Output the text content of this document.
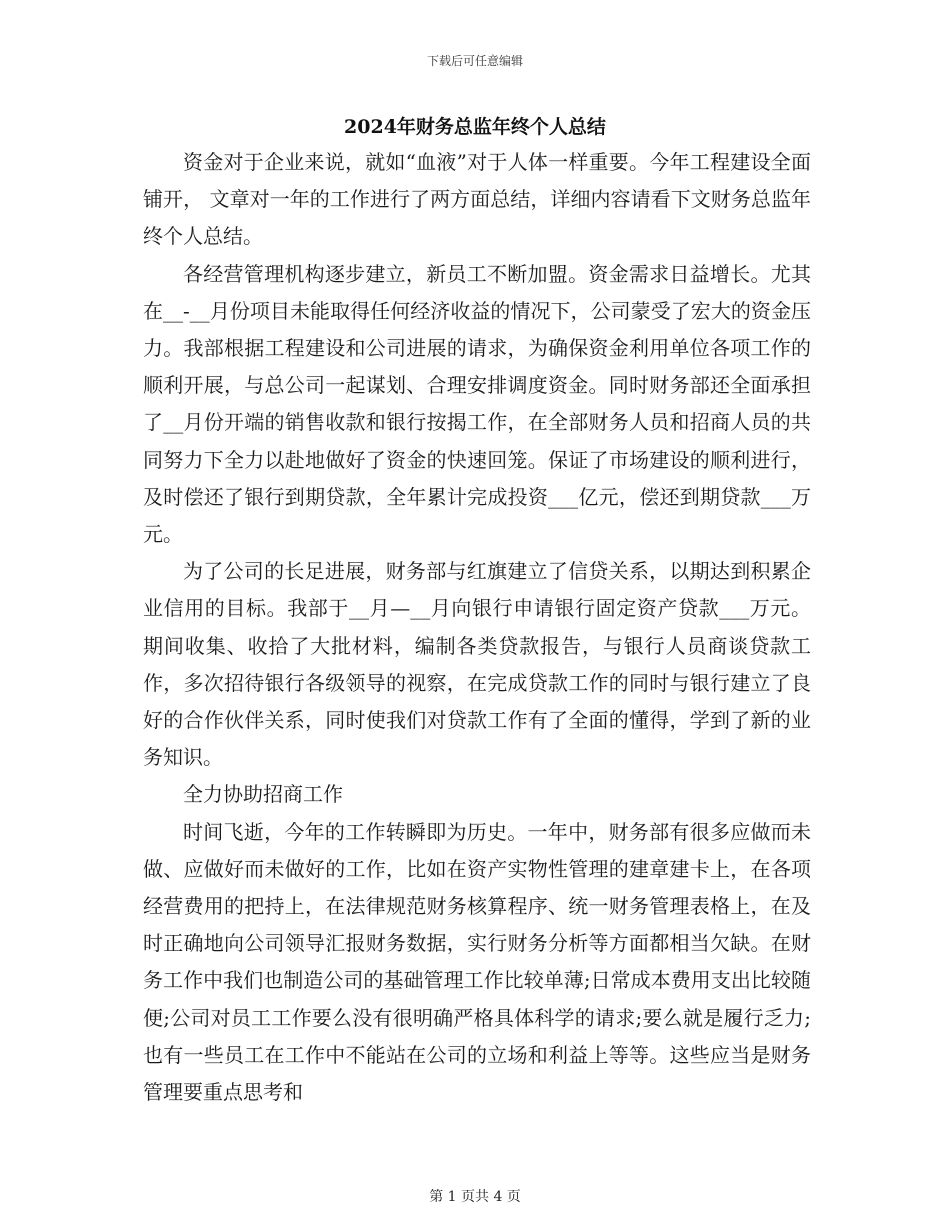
下载后可任意编辑
2024年财务总监年终个人总结

资金对于企业来说，就如“血液”对于人体一样重要。今年工程建设全面铺开， 文章对一年的工作进行了两方面总结，详细内容请看下文财务总监年终个人总结。

各经营管理机构逐步建立，新员工不断加盟。资金需求日益增长。尤其在__-__月份项目未能取得任何经济收益的情况下，公司蒙受了宏大的资金压力。我部根据工程建设和公司进展的请求，为确保资金利用单位各项工作的顺利开展，与总公司一起谋划、合理安排调度资金。同时财务部还全面承担了__月份开端的销售收款和银行按揭工作，在全部财务人员和招商人员的共同努力下全力以赴地做好了资金的快速回笼。保证了市场建设的顺利进行，及时偿还了银行到期贷款，全年累计完成投资___亿元，偿还到期贷款___万元。

为了公司的长足进展，财务部与红旗建立了信贷关系，以期达到积累企业信用的目标。我部于__月—__月向银行申请银行固定资产贷款___万元。期间收集、收拾了大批材料，编制各类贷款报告，与银行人员商谈贷款工作，多次招待银行各级领导的视察，在完成贷款工作的同时与银行建立了良好的合作伙伴关系，同时使我们对贷款工作有了全面的懂得，学到了新的业务知识。

全力协助招商工作

时间飞逝，今年的工作转瞬即为历史。一年中，财务部有很多应做而未做、应做好而未做好的工作，比如在资产实物性管理的建章建卡上，在各项经营费用的把持上，在法律规范财务核算程序、统一财务管理表格上，在及时正确地向公司领导汇报财务数据，实行财务分析等方面都相当欠缺。在财务工作中我们也制造公司的基础管理工作比较单薄;日常成本费用支出比较随便;公司对员工工作要么没有很明确严格具体科学的请求;要么就是履行乏力;也有一些员工在工作中不能站在公司的立场和利益上等等。这些应当是财务管理要重点思考和

第 1 页共 4 页
